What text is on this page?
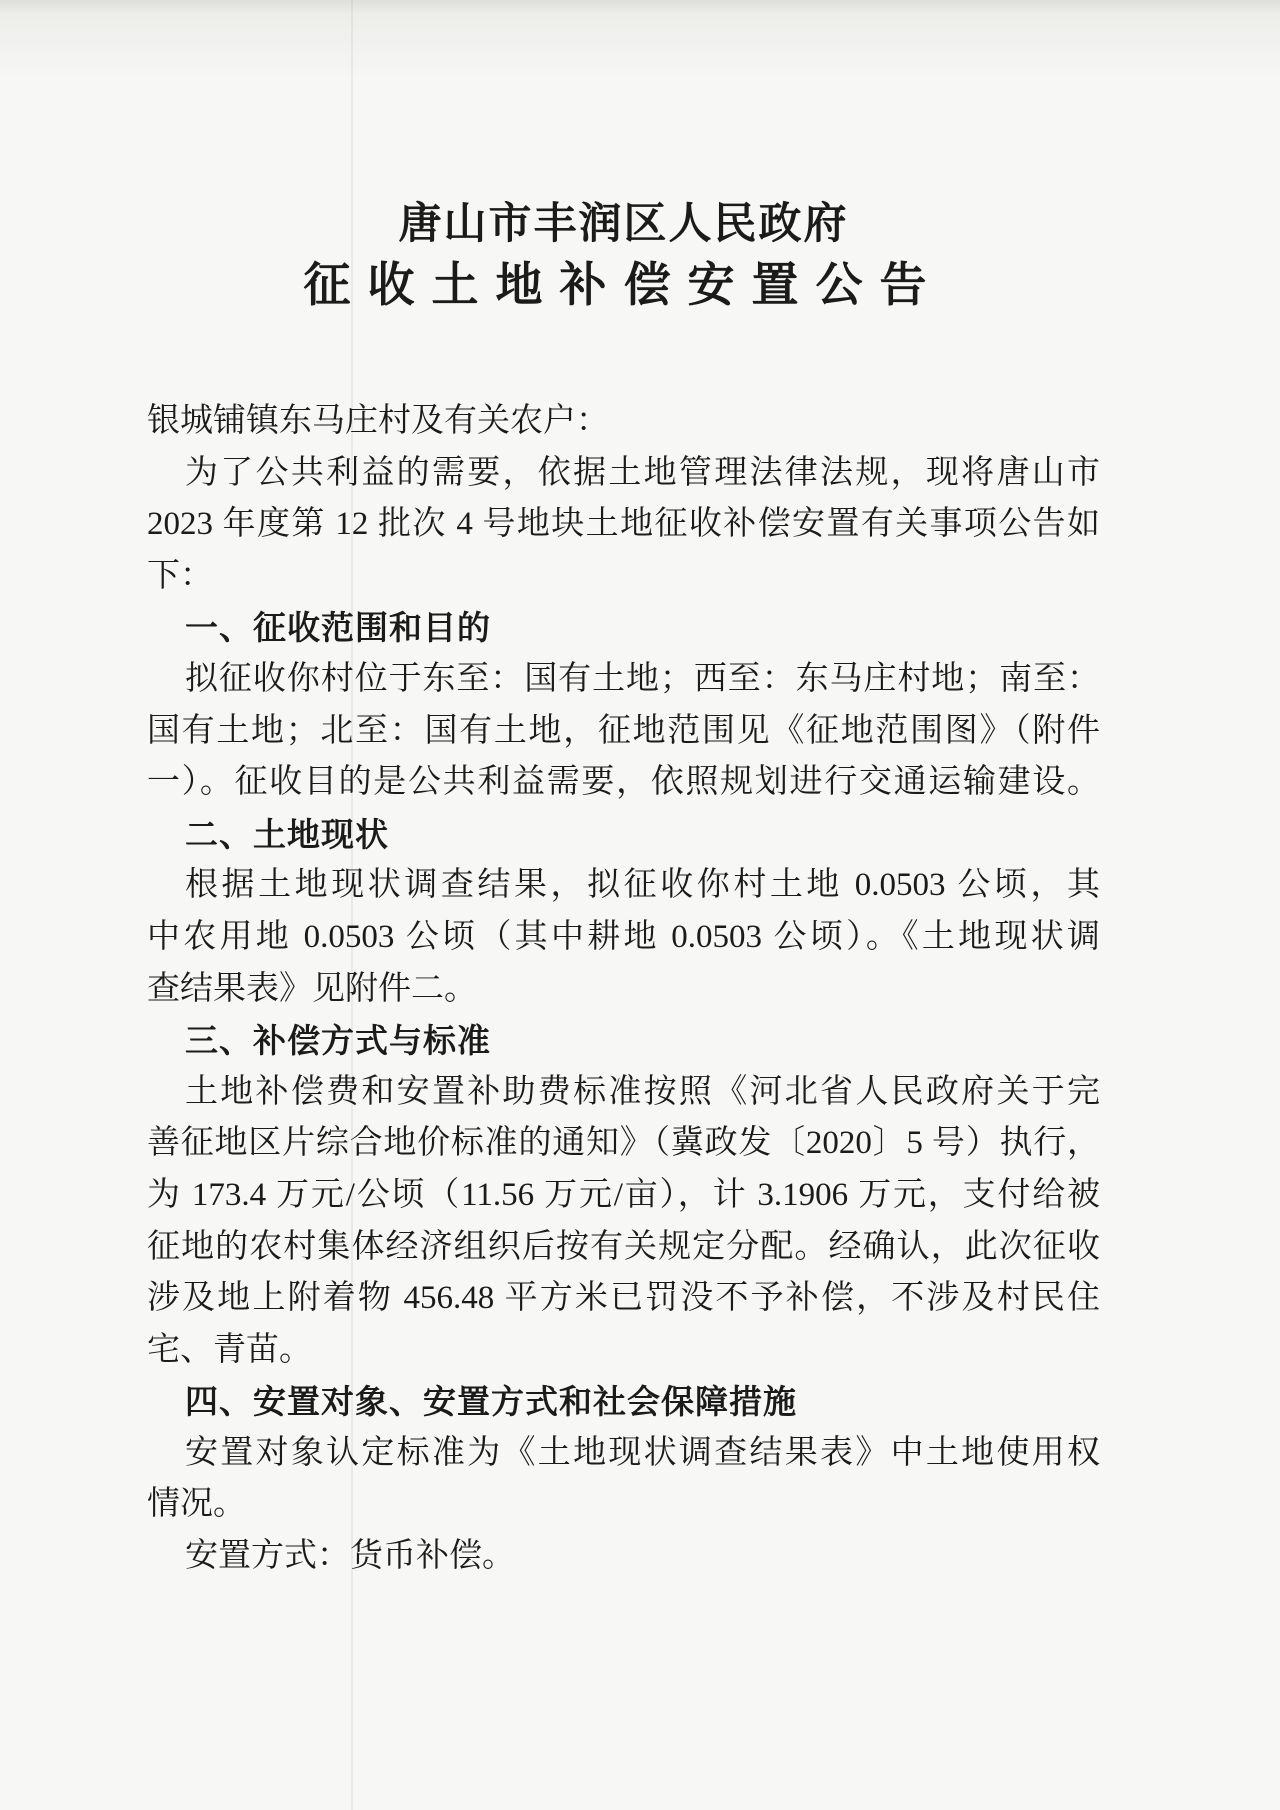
唐山市丰润区人民政府
征收土地补偿安置公告
银城铺镇东马庄村及有关农户：
为了公共利益的需要，依据土地管理法律法规，现将唐山市
2023 年度第 12 批次 4 号地块土地征收补偿安置有关事项公告如
下：
一、征收范围和目的
拟征收你村位于东至：国有土地；西至：东马庄村地；南至：
国有土地；北至：国有土地，征地范围见《征地范围图》（附件
一）。征收目的是公共利益需要，依照规划进行交通运输建设。
二、土地现状
根据土地现状调查结果，拟征收你村土地 0.0503 公顷，其
中农用地 0.0503 公顷（其中耕地 0.0503 公顷）。《土地现状调
查结果表》见附件二。
三、补偿方式与标准
土地补偿费和安置补助费标准按照《河北省人民政府关于完
善征地区片综合地价标准的通知》（冀政发〔2020〕5 号）执行，
为 173.4 万元/公顷（11.56 万元/亩），计 3.1906 万元，支付给被
征地的农村集体经济组织后按有关规定分配。经确认，此次征收
涉及地上附着物 456.48 平方米已罚没不予补偿，不涉及村民住
宅、青苗。
四、安置对象、安置方式和社会保障措施
安置对象认定标准为《土地现状调查结果表》中土地使用权
情况。
安置方式：货币补偿。
